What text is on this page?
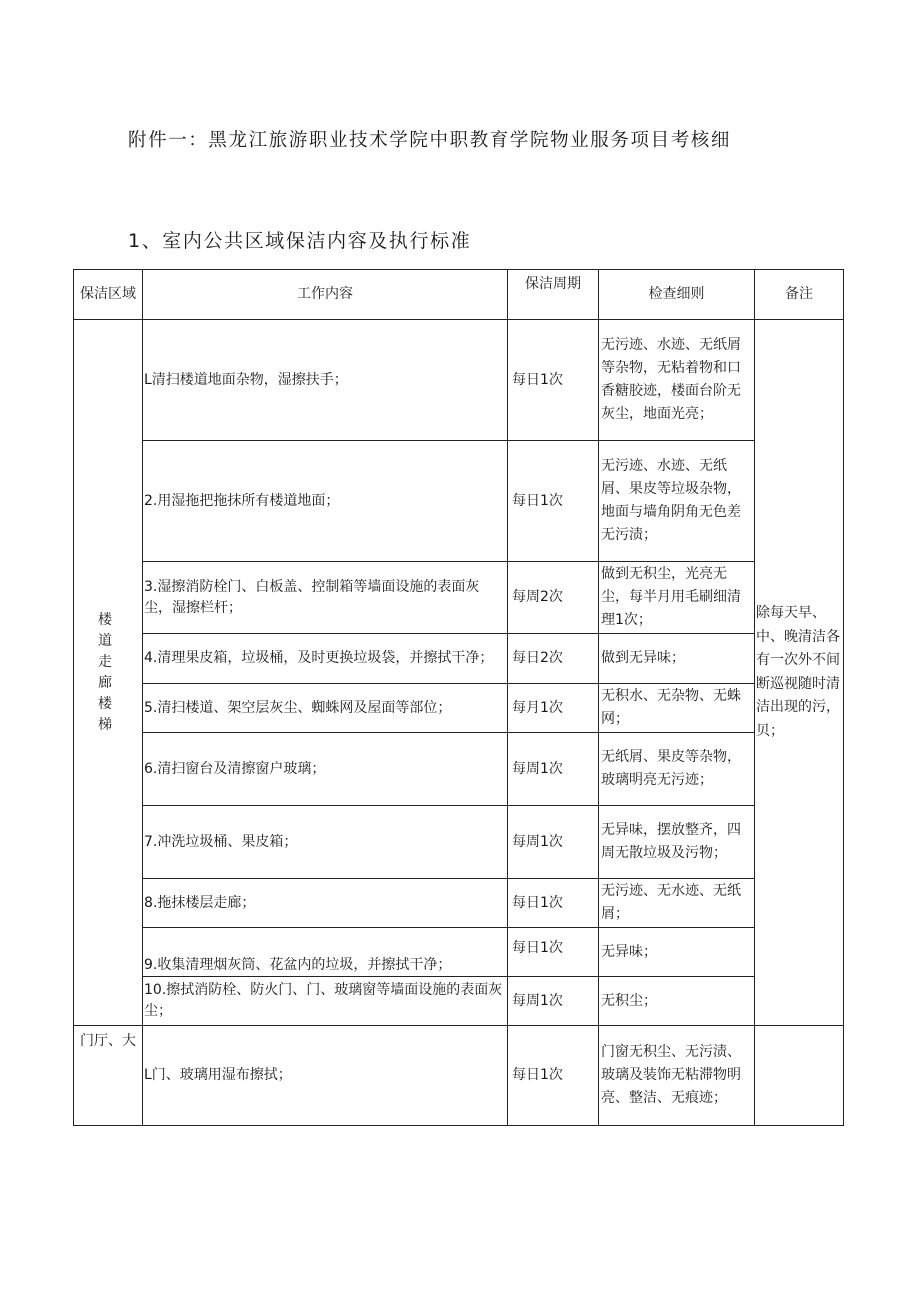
附件一：黑龙江旅游职业技术学院中职教育学院物业服务项目考核细
1、室内公共区域保洁内容及执行标准
保洁区域	工作内容	保洁周期	检查细则	备注
楼道走廊楼梯	L清扫楼道地面杂物，湿擦扶手；	每日1次	无污迹、水迹、无纸屑等杂物，无粘着物和口香糖胶迹，楼面台阶无灰尘，地面光亮；	除每天早、中、晚清洁各有一次外不间断巡视随时清洁出现的污，贝；
	2.用湿拖把拖抹所有楼道地面；	每日1次	无污迹、水迹、无纸屑、果皮等垃圾杂物，地面与墙角阴角无色差无污渍；	
	3.湿擦消防栓门、白板盖、控制箱等墙面设施的表面灰尘，湿擦栏杆；	每周2次	做到无积尘，光亮无尘，每半月用毛刷细清理1次；	
	4.清理果皮箱，垃圾桶，及时更换垃圾袋，并擦拭干净；	每日2次	做到无异味；	
	5.清扫楼道、架空层灰尘、蜘蛛网及屋面等部位；	每月1次	无积水、无杂物、无蛛网；	
	6.清扫窗台及清擦窗户玻璃；	每周1次	无纸屑、果皮等杂物，玻璃明亮无污迹；	
	7.冲洗垃圾桶、果皮箱；	每周1次	无异味，摆放整齐，四周无散垃圾及污物；	
	8.拖抹楼层走廊；	每日1次	无污迹、无水迹、无纸屑；	
	9.收集清理烟灰筒、花盆内的垃圾，并擦拭干净；	每日1次	无异味；	
	10.擦拭消防栓、防火门、门、玻璃窗等墙面设施的表面灰尘；	每周1次	无积尘；	
门厅、大	L门、玻璃用湿布擦拭；	每日1次	门窗无积尘、无污渍、玻璃及装饰无粘滞物明亮、整洁、无痕迹；	
